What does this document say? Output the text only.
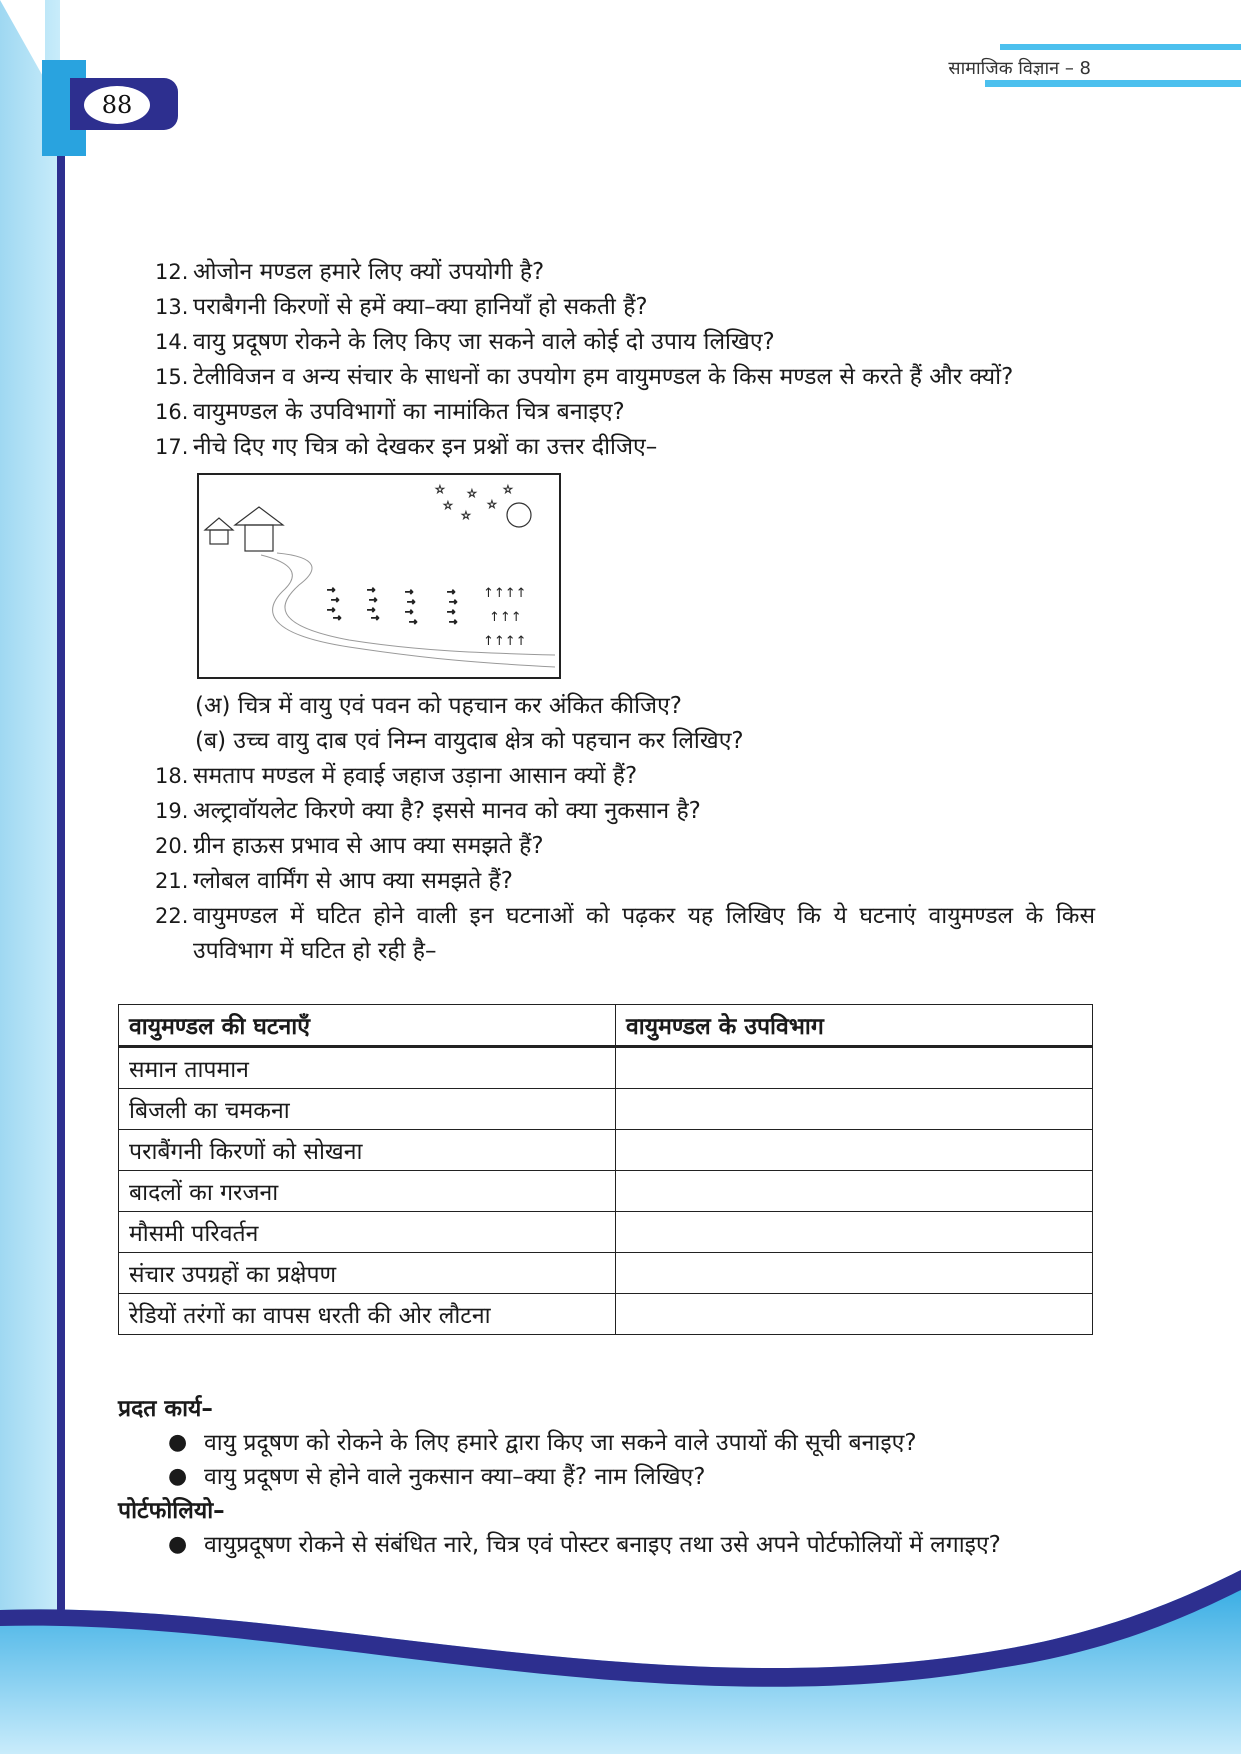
88
सामाजिक विज्ञान – 8
12. ओजोन मण्डल हमारे लिए क्यों उपयोगी है?
13. पराबैगनी किरणों से हमें क्या–क्या हानियाँ हो सकती हैं?
14. वायु प्रदूषण रोकने के लिए किए जा सकने वाले कोई दो उपाय लिखिए?
15. टेलीविजन व अन्य संचार के साधनों का उपयोग हम वायुमण्डल के किस मण्डल से करते हैं और क्यों?
16. वायुमण्डल के उपविभागों का नामांकित चित्र बनाइए?
17. नीचे दिए गए चित्र को देखकर इन प्रश्नों का उत्तर दीजिए–
☆ ☆ ☆
☆	☆
☆
→
→
→
→
→
→
→
→
→
→
→
→
→
→
→
→
↑↑↑↑
↑↑↑
↑↑↑↑
(अ) चित्र में वायु एवं पवन को पहचान कर अंकित कीजिए?
(ब) उच्च वायु दाब एवं निम्न वायुदाब क्षेत्र को पहचान कर लिखिए?
18. समताप मण्डल में हवाई जहाज उड़ाना आसान क्यों हैं?
19. अल्ट्रावॉयलेट किरणे क्या है? इससे मानव को क्या नुकसान है?
20. ग्रीन हाऊस प्रभाव से आप क्या समझते हैं?
21. ग्लोबल वार्मिंग से आप क्या समझते हैं?
22. वायुमण्डल में घटित होने वाली इन घटनाओं को पढ़कर यह लिखिए कि ये घटनाएं वायुमण्डल के किस उपविभाग में घटित हो रही है–
वायुमण्डल की घटनाएँ	वायुमण्डल के उपविभाग
समान तापमान	
बिजली का चमकना	
पराबैंगनी किरणों को सोखना	
बादलों का गरजना	
मौसमी परिवर्तन	
संचार उपग्रहों का प्रक्षेपण	
रेडियों तरंगों का वापस धरती की ओर लौटना	
प्रदत कार्य–
● वायु प्रदूषण को रोकने के लिए हमारे द्वारा किए जा सकने वाले उपायों की सूची बनाइए?
● वायु प्रदूषण से होने वाले नुकसान क्या–क्या हैं? नाम लिखिए?
पोर्टफोलियो–
● वायुप्रदूषण रोकने से संबंधित नारे, चित्र एवं पोस्टर बनाइए तथा उसे अपने पोर्टफोलियों में लगाइए?
